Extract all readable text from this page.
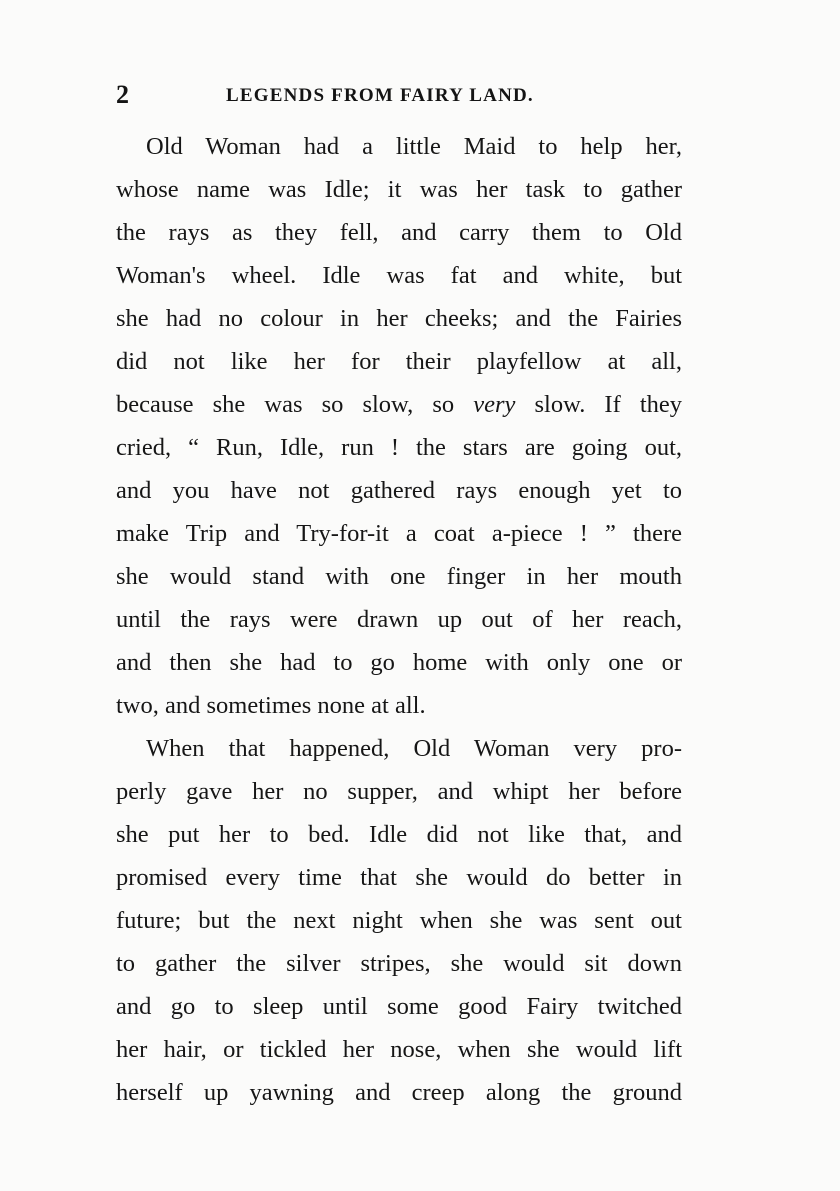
2	LEGENDS FROM FAIRY LAND.
Old Woman had a little Maid to help her,
whose name was Idle; it was her task to gather
the rays as they fell, and carry them to Old
Woman's wheel. Idle was fat and white, but
she had no colour in her cheeks; and the Fairies
did not like her for their playfellow at all,
because she was so slow, so very slow. If they
cried, “ Run, Idle, run ! the stars are going out,
and you have not gathered rays enough yet to
make Trip and Try-for-it a coat a-piece ! ” there
she would stand with one finger in her mouth
until the rays were drawn up out of her reach,
and then she had to go home with only one or
two, and sometimes none at all.
When that happened, Old Woman very pro-
perly gave her no supper, and whipt her before
she put her to bed. Idle did not like that, and
promised every time that she would do better in
future; but the next night when she was sent out
to gather the silver stripes, she would sit down
and go to sleep until some good Fairy twitched
her hair, or tickled her nose, when she would lift
herself up yawning and creep along the ground
